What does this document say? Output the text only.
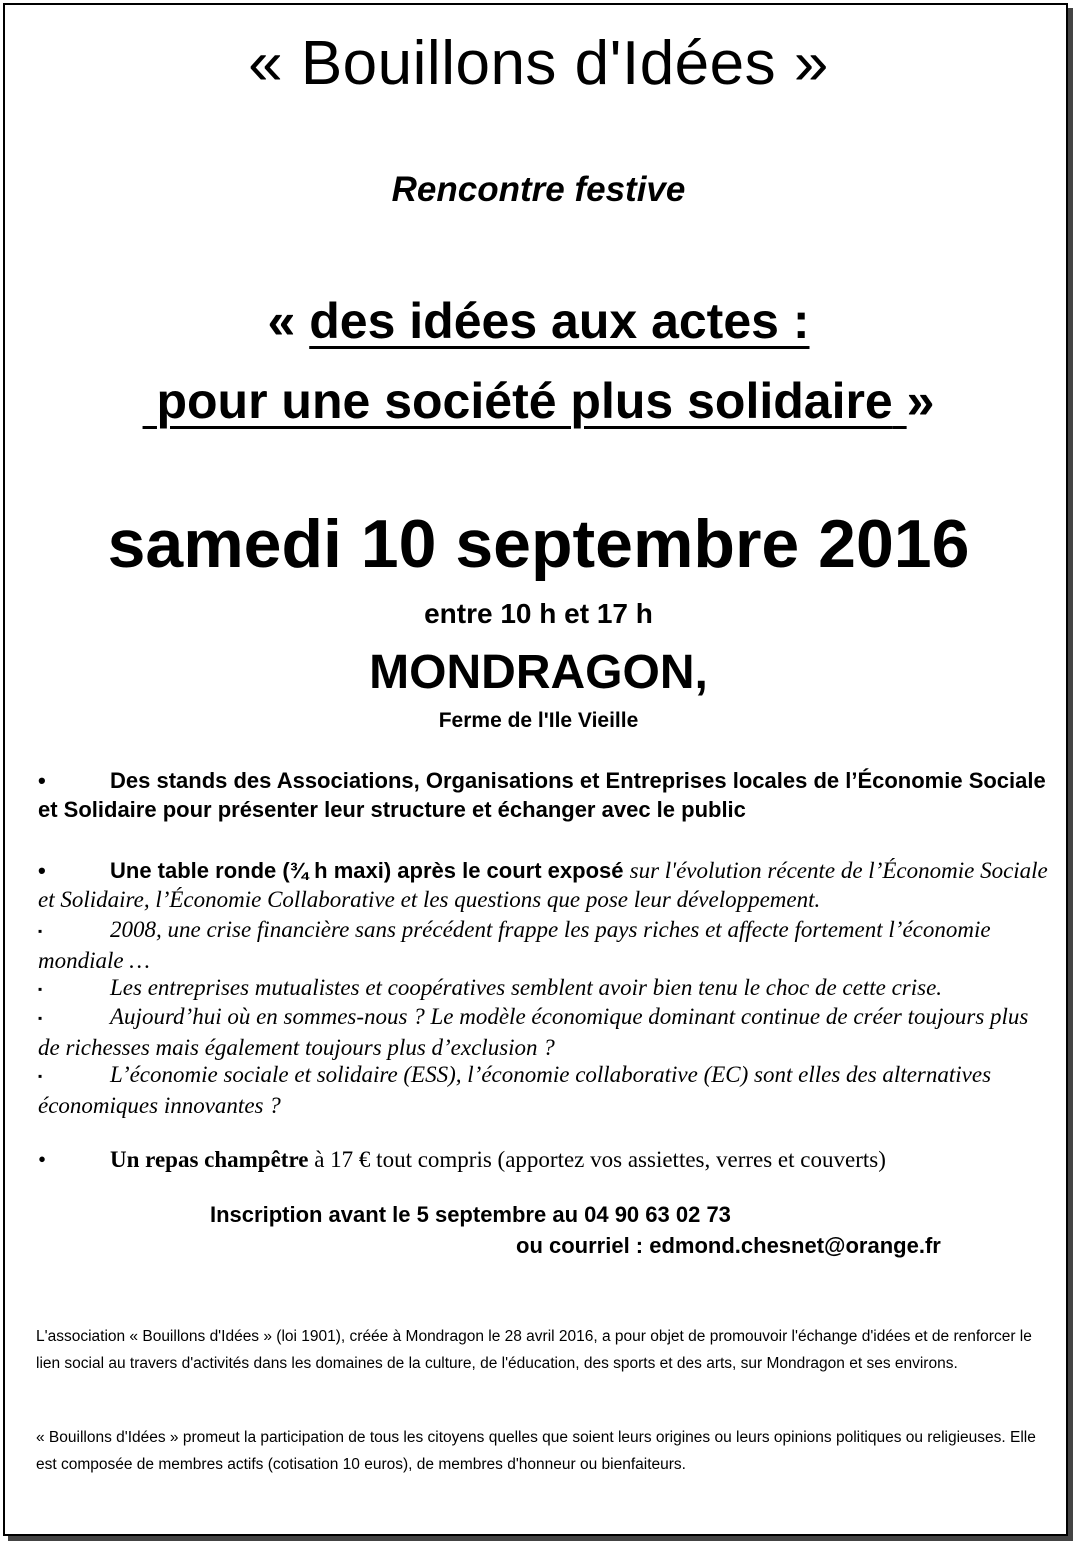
« Bouillons d'Idées »
Rencontre festive
« des idées aux actes :
pour une société plus solidaire »
samedi 10 septembre 2016
entre 10 h et 17 h
MONDRAGON,
Ferme de l'Ile Vieille
•	Des stands des Associations, Organisations et Entreprises locales de l’Économie Sociale et Solidaire pour présenter leur structure et échanger avec le public
•	Une table ronde (¾ h maxi) après le court exposé sur l'évolution récente de l’Économie Sociale et Solidaire, l’Économie Collaborative et les questions que pose leur développement.
▪	2008, une crise financière sans précédent frappe les pays riches et affecte fortement l’économie mondiale …
▪	Les entreprises mutualistes et coopératives semblent avoir bien tenu le choc de cette crise.
▪	Aujourd’hui où en sommes-nous ? Le modèle économique dominant continue de créer toujours plus de richesses mais également toujours plus d’exclusion ?
▪	L’économie sociale et solidaire (ESS), l’économie collaborative (EC) sont elles des alternatives économiques innovantes ?
•	Un repas champêtre à 17 € tout compris (apportez vos assiettes, verres et couverts)
Inscription avant le 5 septembre au 04 90 63 02 73
ou courriel : edmond.chesnet@orange.fr
L'association « Bouillons d'Idées » (loi 1901), créée à Mondragon le 28 avril 2016, a pour objet de promouvoir l'échange d'idées et de renforcer le lien social au travers d'activités dans les domaines de la culture, de l'éducation, des sports et des arts, sur Mondragon et ses environs.
« Bouillons d'Idées » promeut la participation de tous les citoyens quelles que soient leurs origines ou leurs opinions politiques ou religieuses. Elle est composée de membres actifs (cotisation 10 euros), de membres d'honneur ou bienfaiteurs.
